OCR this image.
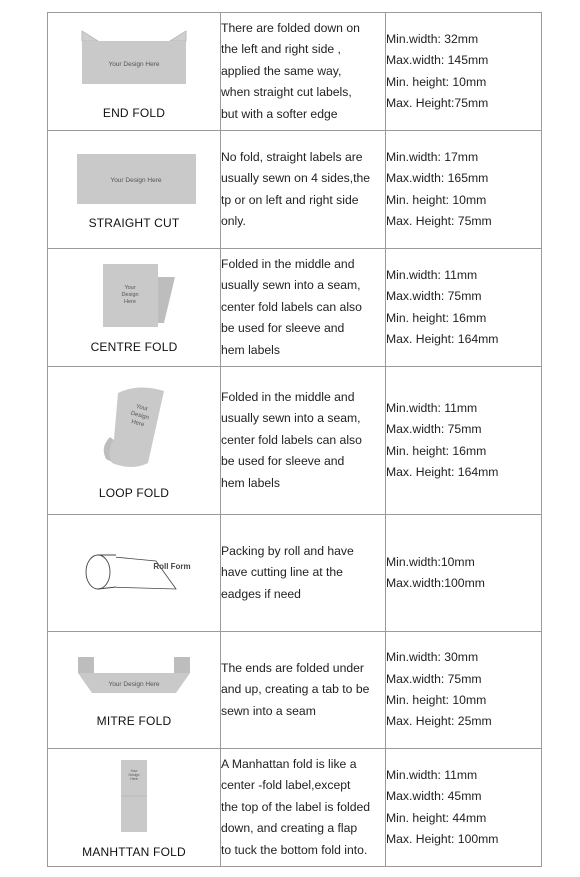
Your Design Here
END FOLD	There are folded down on
the left and right side ,
applied the same way,
when straight cut labels,
but with a softer edge	Min.width: 32mm
Max.width: 145mm
Min. height: 10mm
Max. Height:75mm

Your Design Here
STRAIGHT CUT	No fold, straight labels are
usually sewn on 4 sides,the
tp or on left and right side
only.	Min.width: 17mm
Max.width: 165mm
Min. height: 10mm
Max. Height: 75mm

Your
Design
Here
CENTRE FOLD	Folded in the middle and
usually sewn into a seam,
center fold labels can also
be used for sleeve and
hem labels	Min.width: 11mm
Max.width: 75mm
Min. height: 16mm
Max. Height: 164mm

Your
Design
Here
LOOP FOLD	Folded in the middle and
usually sewn into a seam,
center fold labels can also
be used for sleeve and
hem labels	Min.width: 11mm
Max.width: 75mm
Min. height: 16mm
Max. Height: 164mm

Roll Form	Packing by roll and have
have cutting line at the
eadges if need	Min.width:10mm
Max.width:100mm

Your Design Here
MITRE FOLD	The ends are folded under
and up, creating a tab to be
sewn into a seam	Min.width: 30mm
Max.width: 75mm
Min. height: 10mm
Max. Height: 25mm

Your
Design
Here
MANHTTAN FOLD	A Manhattan fold is like a
center -fold label,except
the top of the label is folded
down, and creating a flap
to tuck the bottom fold into.	Min.width: 11mm
Max.width: 45mm
Min. height: 44mm
Max. Height: 100mm
